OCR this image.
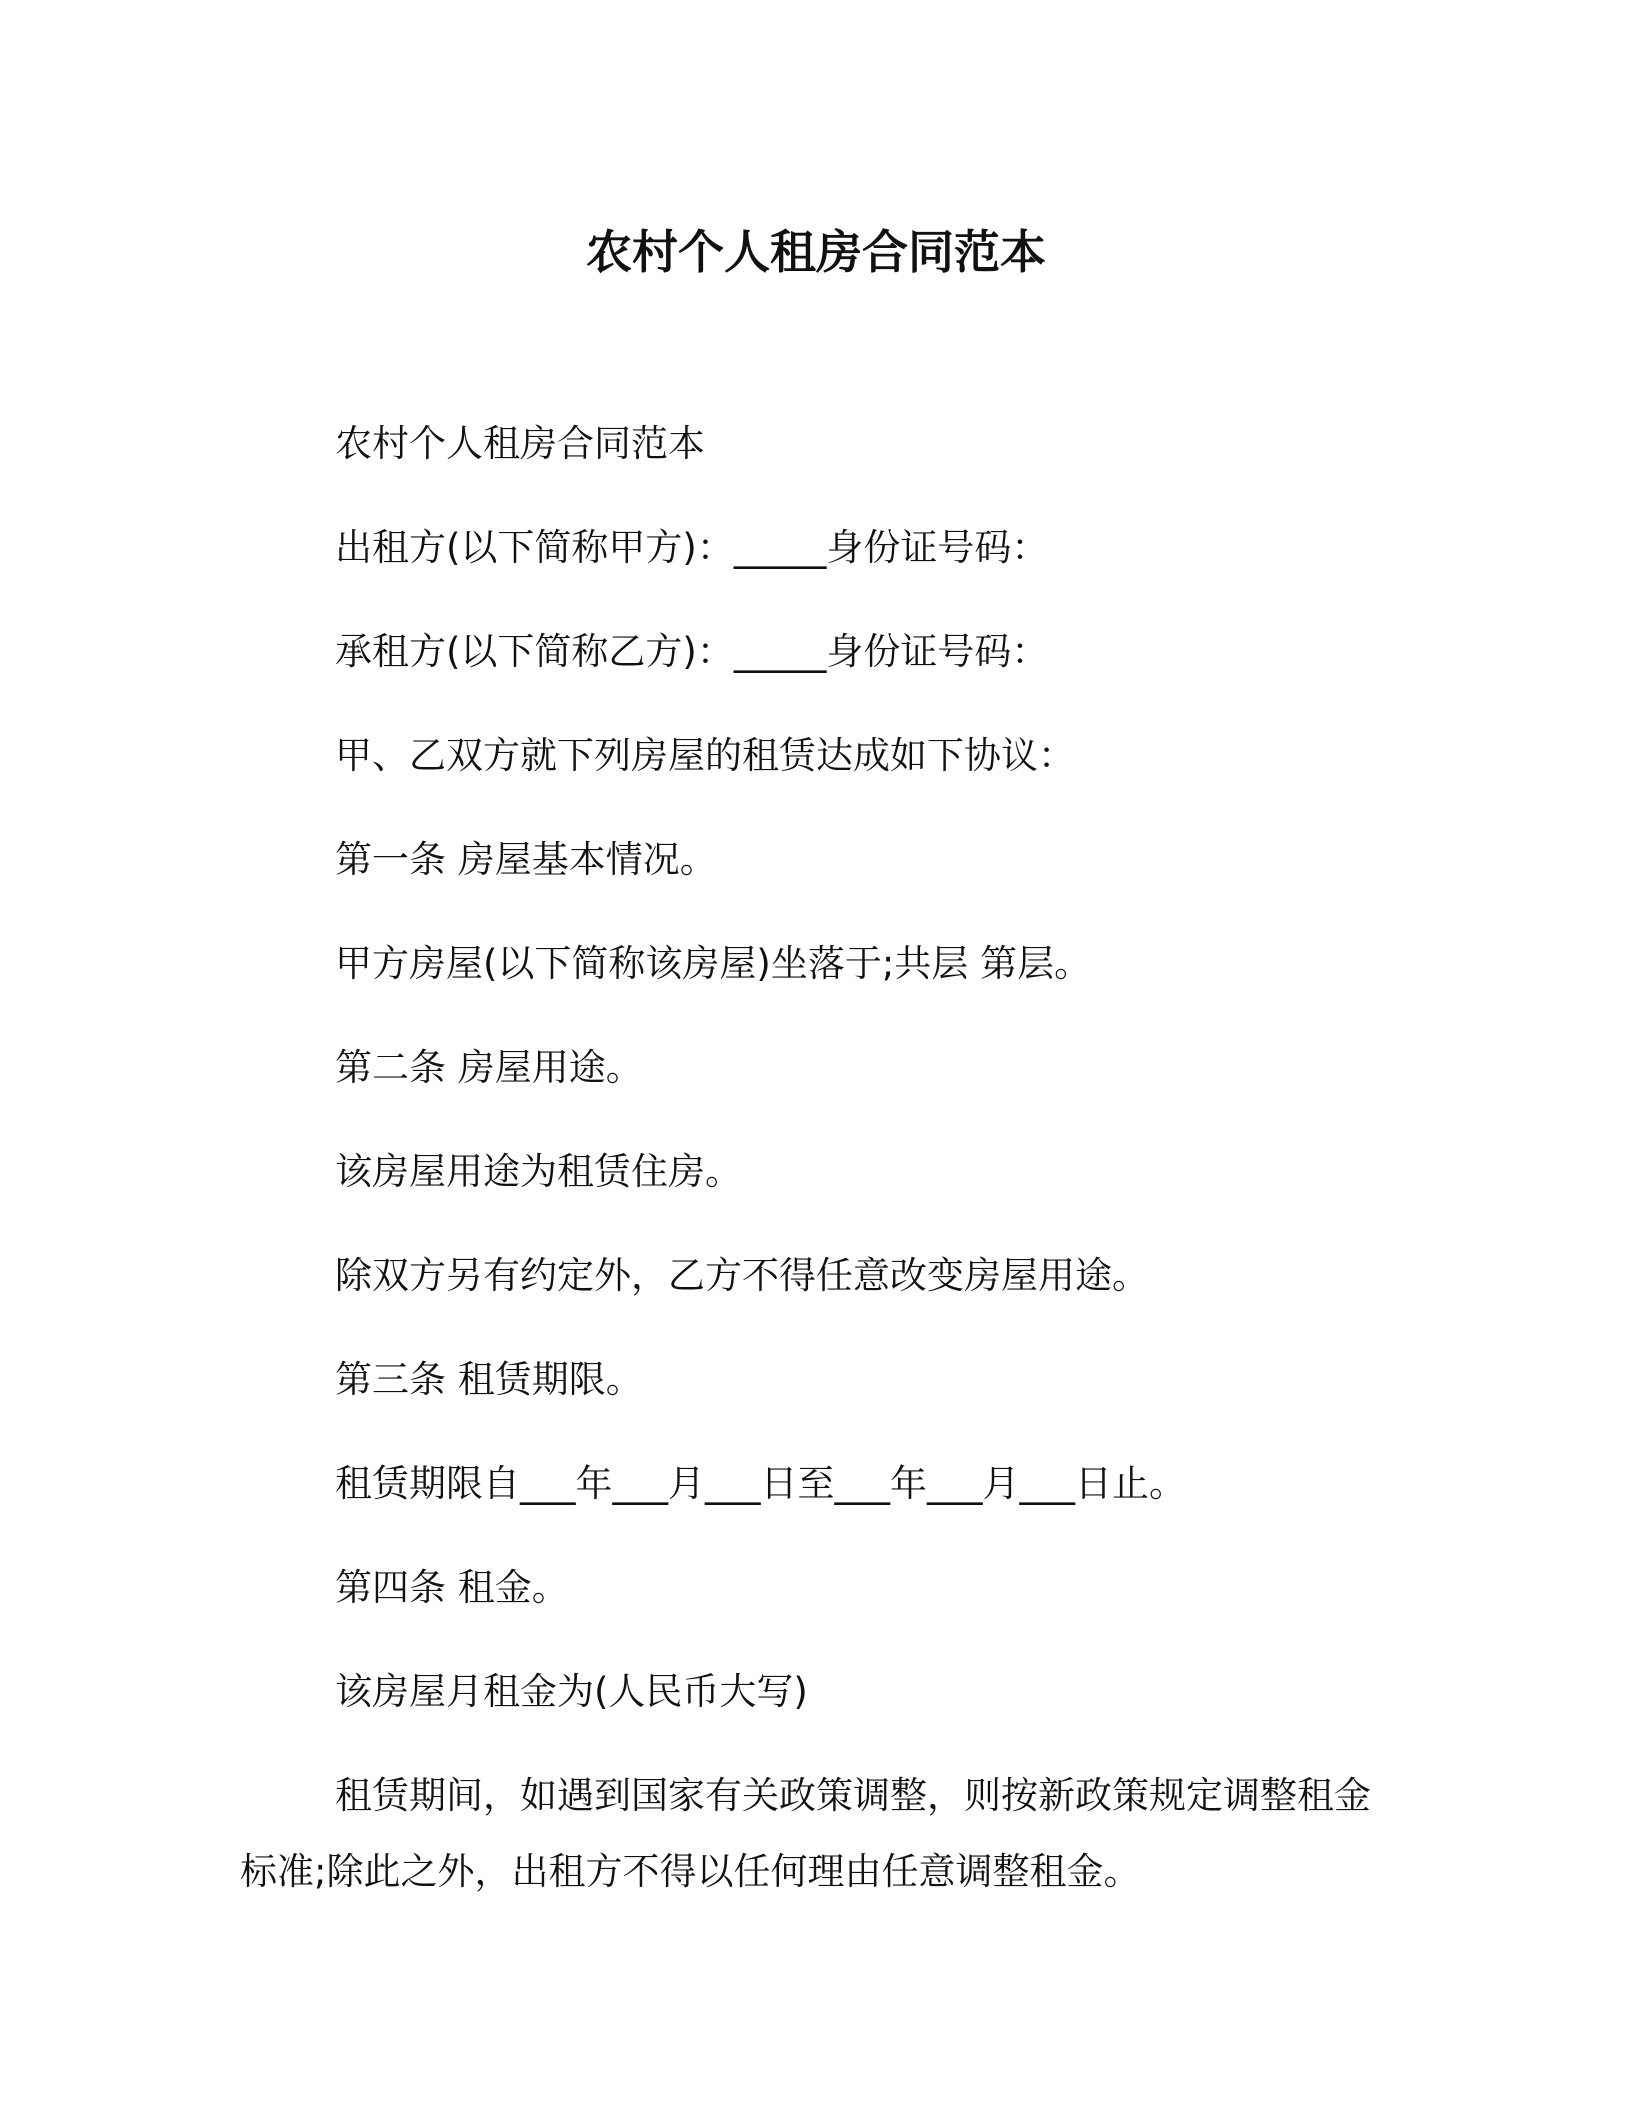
农村个人租房合同范本

农村个人租房合同范本

出租方(以下简称甲方)：_____身份证号码：

承租方(以下简称乙方)：_____身份证号码：

甲、乙双方就下列房屋的租赁达成如下协议：

第一条 房屋基本情况。

甲方房屋(以下简称该房屋)坐落于;共层 第层。

第二条 房屋用途。

该房屋用途为租赁住房。

除双方另有约定外，乙方不得任意改变房屋用途。

第三条 租赁期限。

租赁期限自___年___月___日至___年___月___日止。

第四条 租金。

该房屋月租金为(人民币大写)

租赁期间，如遇到国家有关政策调整，则按新政策规定调整租金标准;除此之外，出租方不得以任何理由任意调整租金。
